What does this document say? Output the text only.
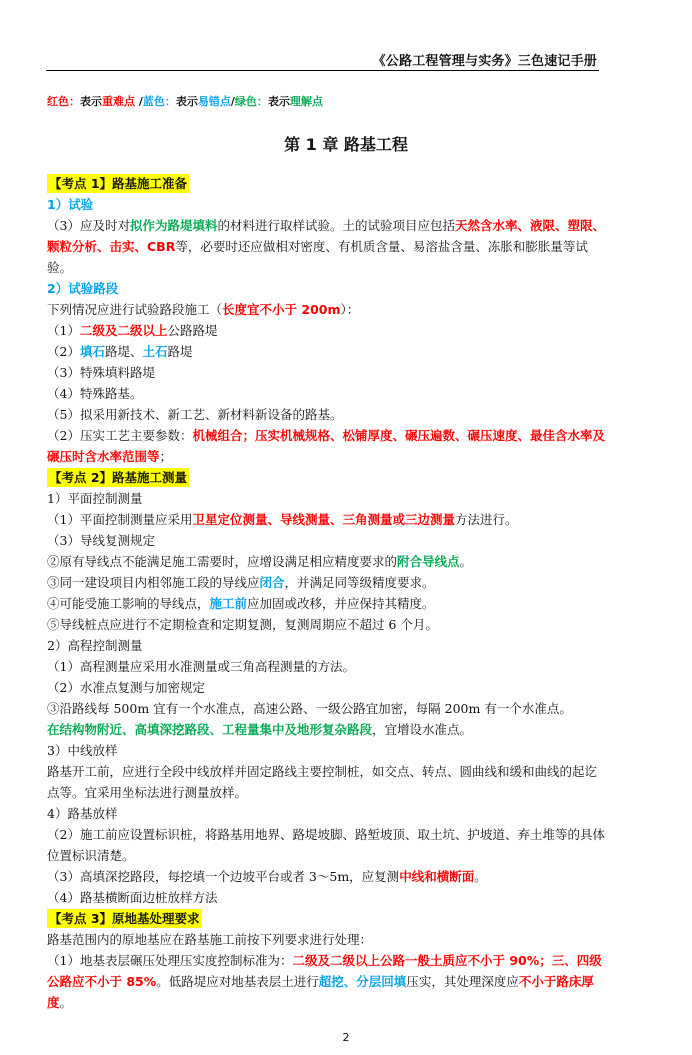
《公路工程管理与实务》三色速记手册
红色：表示重难点 /蓝色：表示易错点/绿色：表示理解点
第 1 章 路基工程
【考点 1】路基施工准备
1）试验
（3）应及时对拟作为路堤填料的材料进行取样试验。土的试验项目应包括天然含水率、液限、塑限、颗粒分析、击实、CBR等，必要时还应做相对密度、有机质含量、易溶盐含量、冻胀和膨胀量等试验。
2）试验路段
下列情况应进行试验路段施工（长度宜不小于 200m）：
（1）二级及二级以上公路路堤
（2）填石路堤、土石路堤
（3）特殊填料路堤
（4）特殊路基。
（5）拟采用新技术、新工艺、新材料新设备的路基。
（2）压实工艺主要参数：机械组合；压实机械规格、松铺厚度、碾压遍数、碾压速度、最佳含水率及碾压时含水率范围等；
【考点 2】路基施工测量
1）平面控制测量
（1）平面控制测量应采用卫星定位测量、导线测量、三角测量或三边测量方法进行。
（3）导线复测规定
②原有导线点不能满足施工需要时，应增设满足相应精度要求的附合导线点。
③同一建设项目内相邻施工段的导线应闭合，并满足同等级精度要求。
④可能受施工影响的导线点，施工前应加固或改移，并应保持其精度。
⑤导线桩点应进行不定期检查和定期复测，复测周期应不超过 6 个月。
2）高程控制测量
（1）高程测量应采用水准测量或三角高程测量的方法。
（2）水准点复测与加密规定
③沿路线每 500m 宜有一个水准点，高速公路、一级公路宜加密，每隔 200m 有一个水准点。
在结构物附近、高填深挖路段、工程量集中及地形复杂路段，宜增设水准点。
3）中线放样
路基开工前，应进行全段中线放样并固定路线主要控制桩，如交点、转点、圆曲线和缓和曲线的起讫点等。宜采用坐标法进行测量放样。
4）路基放样
（2）施工前应设置标识桩，将路基用地界、路堤坡脚、路堑坡顶、取土坑、护坡道、弃土堆等的具体位置标识清楚。
（3）高填深挖路段，每挖填一个边坡平台或者 3～5m，应复测中线和横断面。
（4）路基横断面边桩放样方法
【考点 3】原地基处理要求
路基范围内的原地基应在路基施工前按下列要求进行处理：
（1）地基表层碾压处理压实度控制标准为：二级及二级以上公路一般土质应不小于 90%；三、四级公路应不小于 85%。低路堤应对地基表层土进行超挖、分层回填压实，其处理深度应不小于路床厚度。
2
